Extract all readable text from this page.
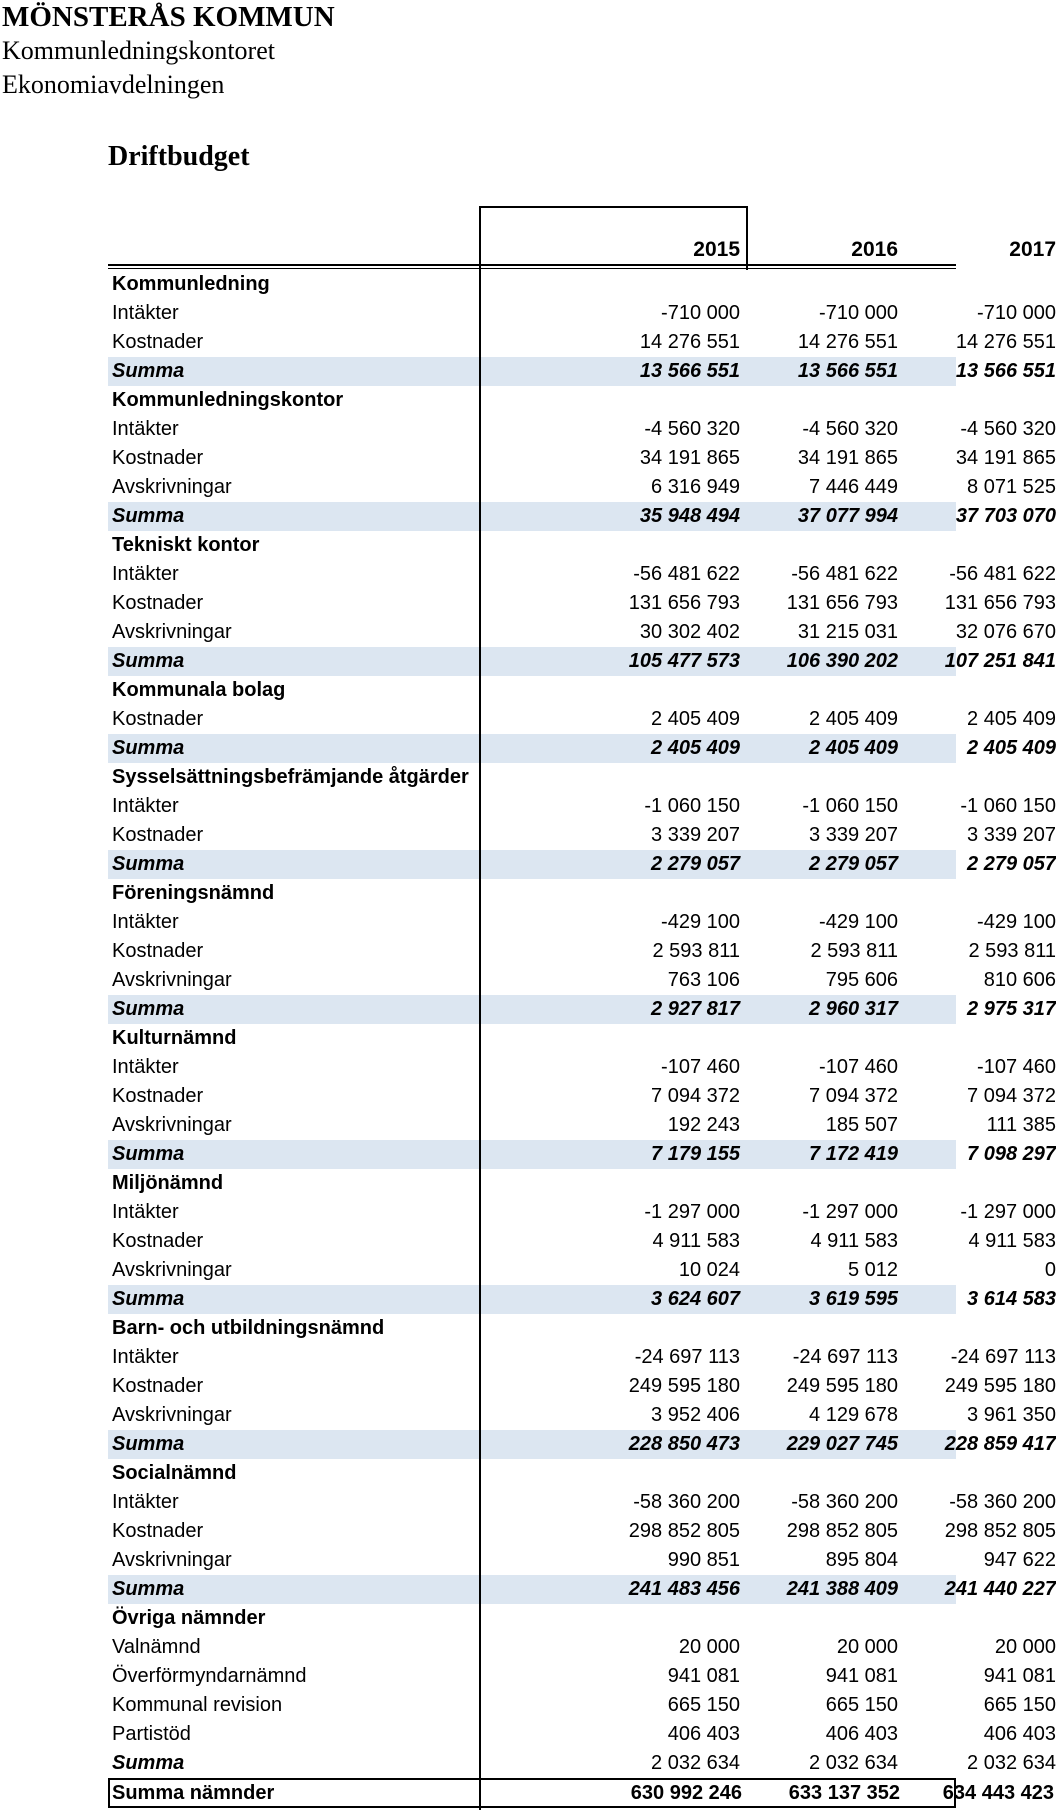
MÖNSTERÅS KOMMUN
Kommunledningskontoret
Ekonomiavdelningen
Driftbudget
2015	2016	2017
Kommunledning
Intäkter	-710 000	-710 000	-710 000
Kostnader	14 276 551	14 276 551	14 276 551
Summa	13 566 551	13 566 551	13 566 551
Kommunledningskontor
Intäkter	-4 560 320	-4 560 320	-4 560 320
Kostnader	34 191 865	34 191 865	34 191 865
Avskrivningar	6 316 949	7 446 449	8 071 525
Summa	35 948 494	37 077 994	37 703 070
Tekniskt kontor
Intäkter	-56 481 622	-56 481 622	-56 481 622
Kostnader	131 656 793	131 656 793	131 656 793
Avskrivningar	30 302 402	31 215 031	32 076 670
Summa	105 477 573	106 390 202	107 251 841
Kommunala bolag
Kostnader	2 405 409	2 405 409	2 405 409
Summa	2 405 409	2 405 409	2 405 409
Sysselsättningsbefrämjande åtgärder
Intäkter	-1 060 150	-1 060 150	-1 060 150
Kostnader	3 339 207	3 339 207	3 339 207
Summa	2 279 057	2 279 057	2 279 057
Föreningsnämnd
Intäkter	-429 100	-429 100	-429 100
Kostnader	2 593 811	2 593 811	2 593 811
Avskrivningar	763 106	795 606	810 606
Summa	2 927 817	2 960 317	2 975 317
Kulturnämnd
Intäkter	-107 460	-107 460	-107 460
Kostnader	7 094 372	7 094 372	7 094 372
Avskrivningar	192 243	185 507	111 385
Summa	7 179 155	7 172 419	7 098 297
Miljönämnd
Intäkter	-1 297 000	-1 297 000	-1 297 000
Kostnader	4 911 583	4 911 583	4 911 583
Avskrivningar	10 024	5 012	0
Summa	3 624 607	3 619 595	3 614 583
Barn- och utbildningsnämnd
Intäkter	-24 697 113	-24 697 113	-24 697 113
Kostnader	249 595 180	249 595 180	249 595 180
Avskrivningar	3 952 406	4 129 678	3 961 350
Summa	228 850 473	229 027 745	228 859 417
Socialnämnd
Intäkter	-58 360 200	-58 360 200	-58 360 200
Kostnader	298 852 805	298 852 805	298 852 805
Avskrivningar	990 851	895 804	947 622
Summa	241 483 456	241 388 409	241 440 227
Övriga nämnder
Valnämnd	20 000	20 000	20 000
Överförmyndarnämnd	941 081	941 081	941 081
Kommunal revision	665 150	665 150	665 150
Partistöd	406 403	406 403	406 403
Summa	2 032 634	2 032 634	2 032 634
Summa nämnder	630 992 246	633 137 352	634 443 423
